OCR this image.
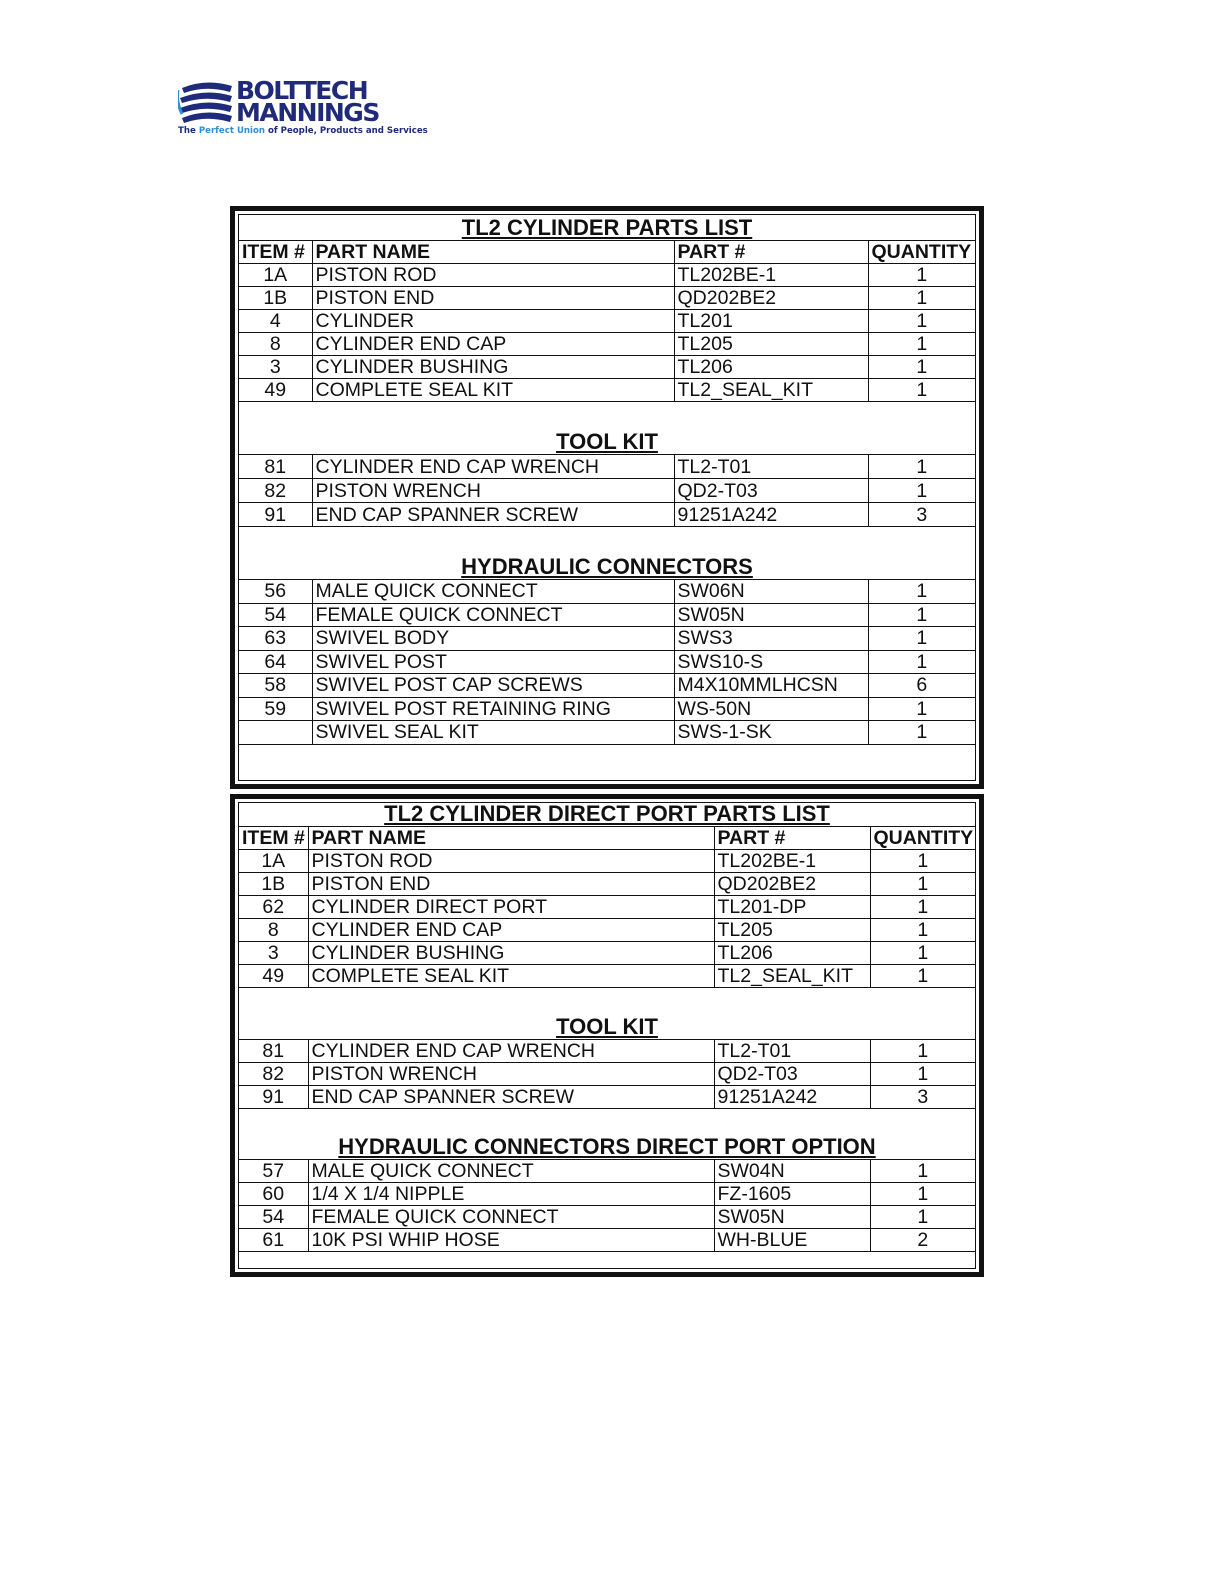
BOLTTECH
MANNINGS
The Perfect Union of People, Products and Services
TL2 CYLINDER PARTS LIST			
ITEM #	PART NAME	PART #	QUANTITY
1A	PISTON ROD	TL202BE-1	1
1B	PISTON END	QD202BE2	1
4	CYLINDER	TL201	1
8	CYLINDER END CAP	TL205	1
3	CYLINDER BUSHING	TL206	1
49	COMPLETE SEAL KIT	TL2_SEAL_KIT	1
TOOL KIT			
81	CYLINDER END CAP WRENCH	TL2-T01	1
82	PISTON WRENCH	QD2-T03	1
91	END CAP SPANNER SCREW	91251A242	3
HYDRAULIC CONNECTORS			
56	MALE QUICK CONNECT	SW06N	1
54	FEMALE QUICK CONNECT	SW05N	1
63	SWIVEL BODY	SWS3	1
64	SWIVEL POST	SWS10-S	1
58	SWIVEL POST CAP SCREWS	M4X10MMLHCSN	6
59	SWIVEL POST RETAINING RING	WS-50N	1
	SWIVEL SEAL KIT	SWS-1-SK	1
TL2 CYLINDER DIRECT PORT PARTS LIST			
ITEM #	PART NAME	PART #	QUANTITY
1A	PISTON ROD	TL202BE-1	1
1B	PISTON END	QD202BE2	1
62	CYLINDER DIRECT PORT	TL201-DP	1
8	CYLINDER END CAP	TL205	1
3	CYLINDER BUSHING	TL206	1
49	COMPLETE SEAL KIT	TL2_SEAL_KIT	1
TOOL KIT			
81	CYLINDER END CAP WRENCH	TL2-T01	1
82	PISTON WRENCH	QD2-T03	1
91	END CAP SPANNER SCREW	91251A242	3
HYDRAULIC CONNECTORS DIRECT PORT OPTION			
57	MALE QUICK CONNECT	SW04N	1
60	1/4 X 1/4 NIPPLE	FZ-1605	1
54	FEMALE QUICK CONNECT	SW05N	1
61	10K PSI WHIP HOSE	WH-BLUE	2
